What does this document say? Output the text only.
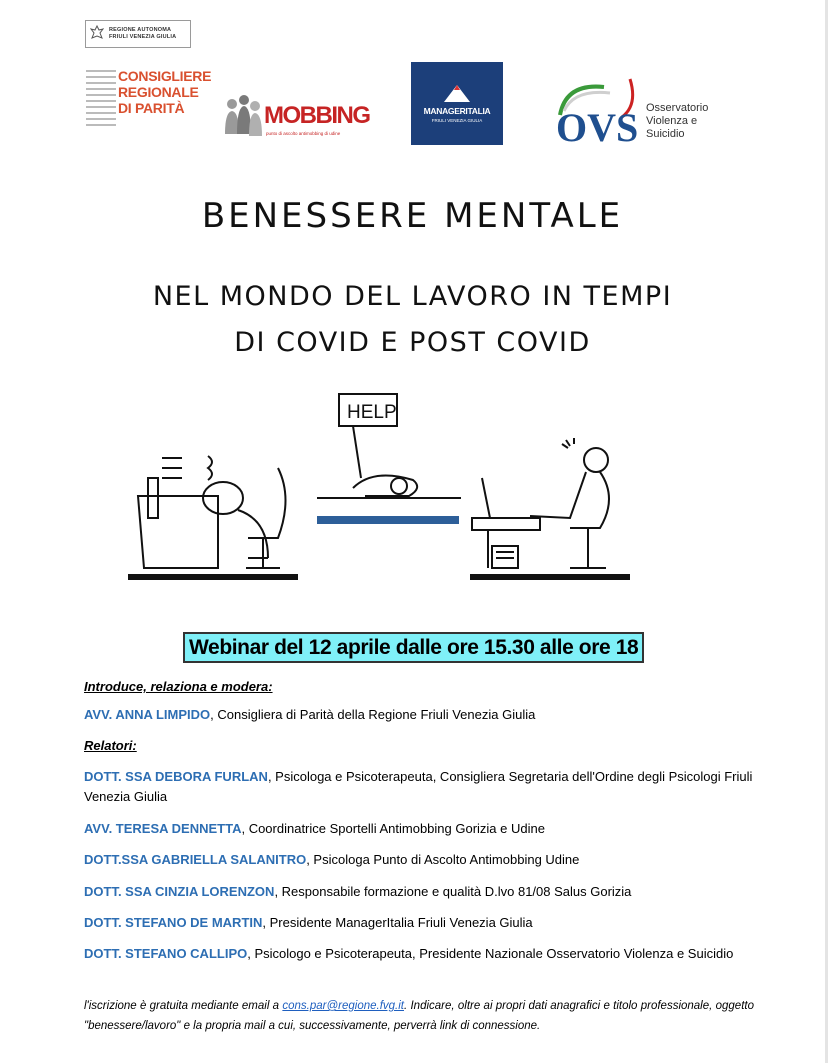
REGIONE AUTONOMA
FRIULI VENEZIA GIULIA
CONSIGLIERE
REGIONALE
DI PARITÀ	MOBBING
punto di ascolto antimobbing di udine
MANAGERITALIA
FRIULI VENEZIA GIULIA	OVS Osservatorio
Violenza e
Suicidio
BENESSERE MENTALE
NEL MONDO DEL LAVORO IN TEMPI
DI COVID E POST COVID
HELP
Webinar del 12 aprile dalle ore 15.30 alle ore 18
Introduce, relaziona e modera:
AVV. ANNA LIMPIDO, Consigliera di Parità della Regione Friuli Venezia Giulia
Relatori:
DOTT. SSA DEBORA FURLAN, Psicologa e Psicoterapeuta, Consigliera Segretaria dell'Ordine degli Psicologi Friuli Venezia Giulia
AVV. TERESA DENNETTA, Coordinatrice Sportelli Antimobbing Gorizia e Udine
DOTT.SSA GABRIELLA SALANITRO, Psicologa Punto di Ascolto Antimobbing Udine
DOTT. SSA CINZIA LORENZON, Responsabile formazione e qualità D.lvo 81/08 Salus Gorizia
DOTT. STEFANO DE MARTIN, Presidente ManagerItalia Friuli Venezia Giulia
DOTT. STEFANO CALLIPO, Psicologo e Psicoterapeuta, Presidente Nazionale Osservatorio Violenza e Suicidio
l'iscrizione è gratuita mediante email a cons.par@regione.fvg.it. Indicare, oltre ai propri dati anagrafici e titolo professionale, oggetto "benessere/lavoro" e la propria mail a cui, successivamente, perverrà link di connessione.
